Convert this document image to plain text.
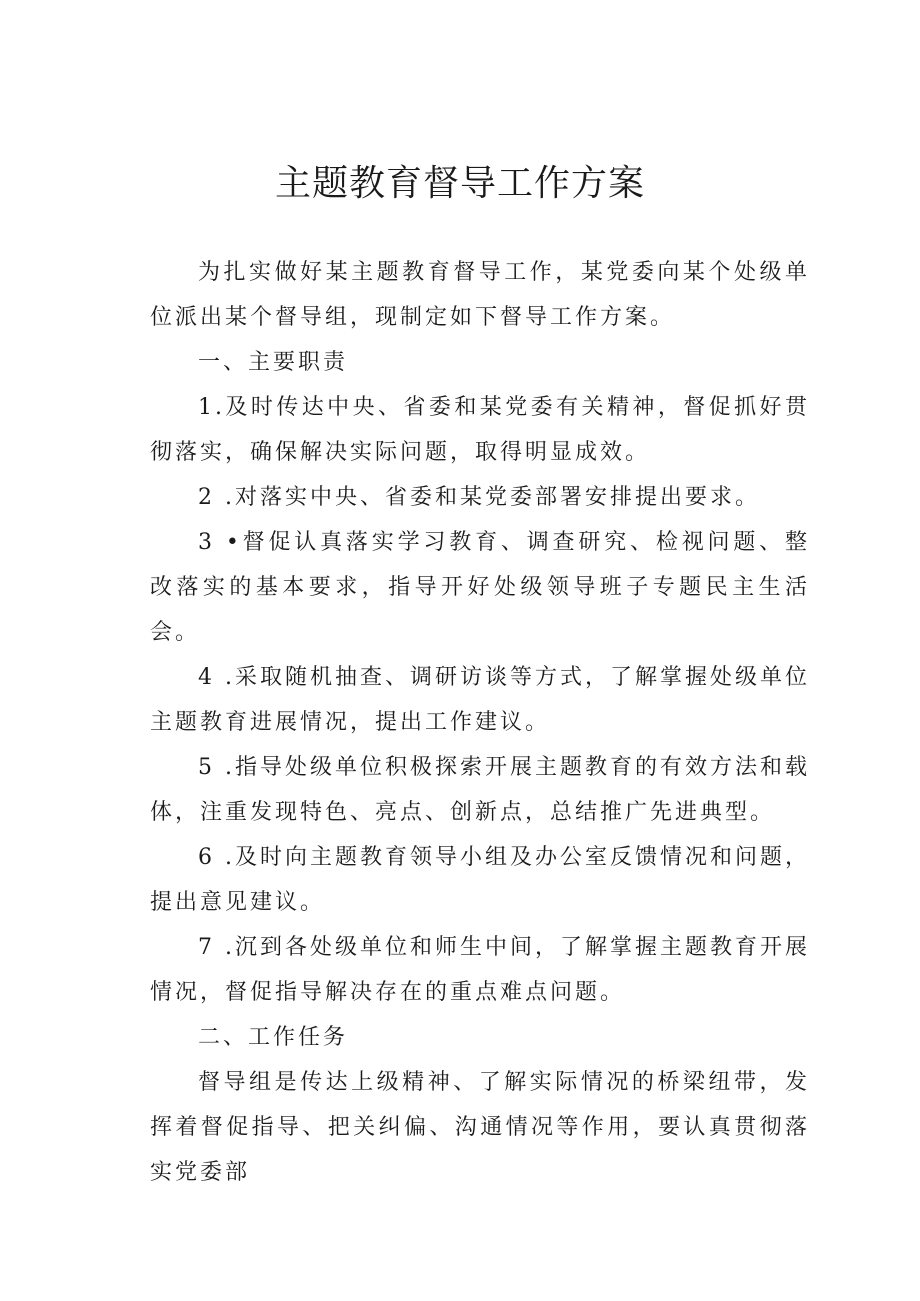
主题教育督导工作方案

为扎实做好某主题教育督导工作，某党委向某个处级单位派出某个督导组，现制定如下督导工作方案。

一、主要职责

1.及时传达中央、省委和某党委有关精神，督促抓好贯彻落实，确保解决实际问题，取得明显成效。

2 .对落实中央、省委和某党委部署安排提出要求。

3 •督促认真落实学习教育、调查研究、检视问题、整改落实的基本要求，指导开好处级领导班子专题民主生活会。

4 .采取随机抽查、调研访谈等方式，了解掌握处级单位主题教育进展情况，提出工作建议。

5 .指导处级单位积极探索开展主题教育的有效方法和载体，注重发现特色、亮点、创新点，总结推广先进典型。

6 .及时向主题教育领导小组及办公室反馈情况和问题，提出意见建议。

7 .沉到各处级单位和师生中间，了解掌握主题教育开展情况，督促指导解决存在的重点难点问题。

二、工作任务

督导组是传达上级精神、了解实际情况的桥梁纽带，发挥着督促指导、把关纠偏、沟通情况等作用，要认真贯彻落实党委部
